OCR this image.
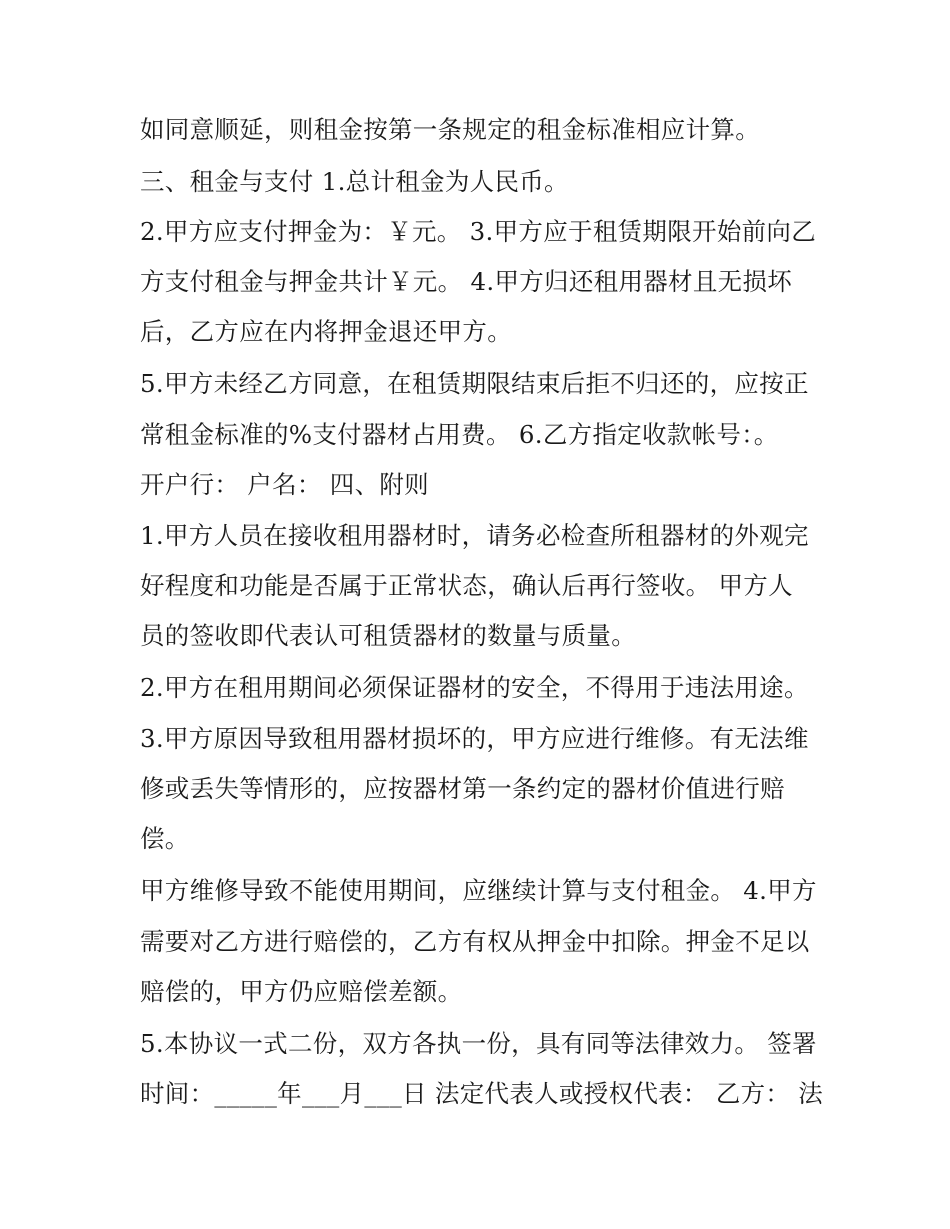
如同意顺延，则租金按第一条规定的租金标准相应计算。
三、租金与支付 1.总计租金为人民币。
2.甲方应支付押金为：￥元。 3.甲方应于租赁期限开始前向乙
方支付租金与押金共计￥元。 4.甲方归还租用器材且无损坏
后，乙方应在内将押金退还甲方。
5.甲方未经乙方同意，在租赁期限结束后拒不归还的，应按正
常租金标准的%支付器材占用费。 6.乙方指定收款帐号：。
开户行： 户名： 四、附则
1.甲方人员在接收租用器材时，请务必检查所租器材的外观完
好程度和功能是否属于正常状态，确认后再行签收。 甲方人
员的签收即代表认可租赁器材的数量与质量。
2.甲方在租用期间必须保证器材的安全，不得用于违法用途。
3.甲方原因导致租用器材损坏的，甲方应进行维修。有无法维
修或丢失等情形的，应按器材第一条约定的器材价值进行赔
偿。
甲方维修导致不能使用期间，应继续计算与支付租金。 4.甲方
需要对乙方进行赔偿的，乙方有权从押金中扣除。押金不足以
赔偿的，甲方仍应赔偿差额。
5.本协议一式二份，双方各执一份，具有同等法律效力。 签署
时间：_____年___月___日 法定代表人或授权代表： 乙方： 法
